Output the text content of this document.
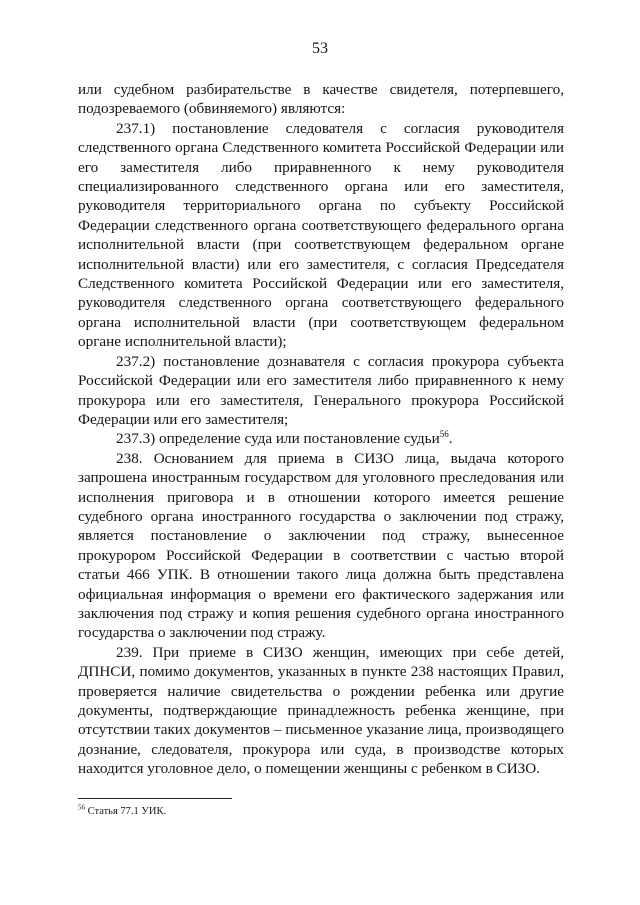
53

или судебном разбирательстве в качестве свидетеля, потерпевшего, подозреваемого (обвиняемого) являются:

237.1) постановление следователя с согласия руководителя следственного органа Следственного комитета Российской Федерации или его заместителя либо приравненного к нему руководителя специализированного следственного органа или его заместителя, руководителя территориального органа по субъекту Российской Федерации следственного органа соответствующего федерального органа исполнительной власти (при соответствующем федеральном органе исполнительной власти) или его заместителя, с согласия Председателя Следственного комитета Российской Федерации или его заместителя, руководителя следственного органа соответствующего федерального органа исполнительной власти (при соответствующем федеральном органе исполнительной власти);

237.2) постановление дознавателя с согласия прокурора субъекта Российской Федерации или его заместителя либо приравненного к нему прокурора или его заместителя, Генерального прокурора Российской Федерации или его заместителя;

237.3) определение суда или постановление судьи$^{56}$.

238. Основанием для приема в СИЗО лица, выдача которого запрошена иностранным государством для уголовного преследования или исполнения приговора и в отношении которого имеется решение судебного органа иностранного государства о заключении под стражу, является постановление о заключении под стражу, вынесенное прокурором Российской Федерации в соответствии с частью второй статьи 466 УПК. В отношении такого лица должна быть представлена официальная информация о времени его фактического задержания или заключения под стражу и копия решения судебного органа иностранного государства о заключении под стражу.

239. При приеме в СИЗО женщин, имеющих при себе детей, ДПНСИ, помимо документов, указанных в пункте 238 настоящих Правил, проверяется наличие свидетельства о рождении ребенка или другие документы, подтверждающие принадлежность ребенка женщине, при отсутствии таких документов – письменное указание лица, производящего дознание, следователя, прокурора или суда, в производстве которых находится уголовное дело, о помещении женщины с ребенком в СИЗО.

$^{56}$ Статья 77.1 УИК.
